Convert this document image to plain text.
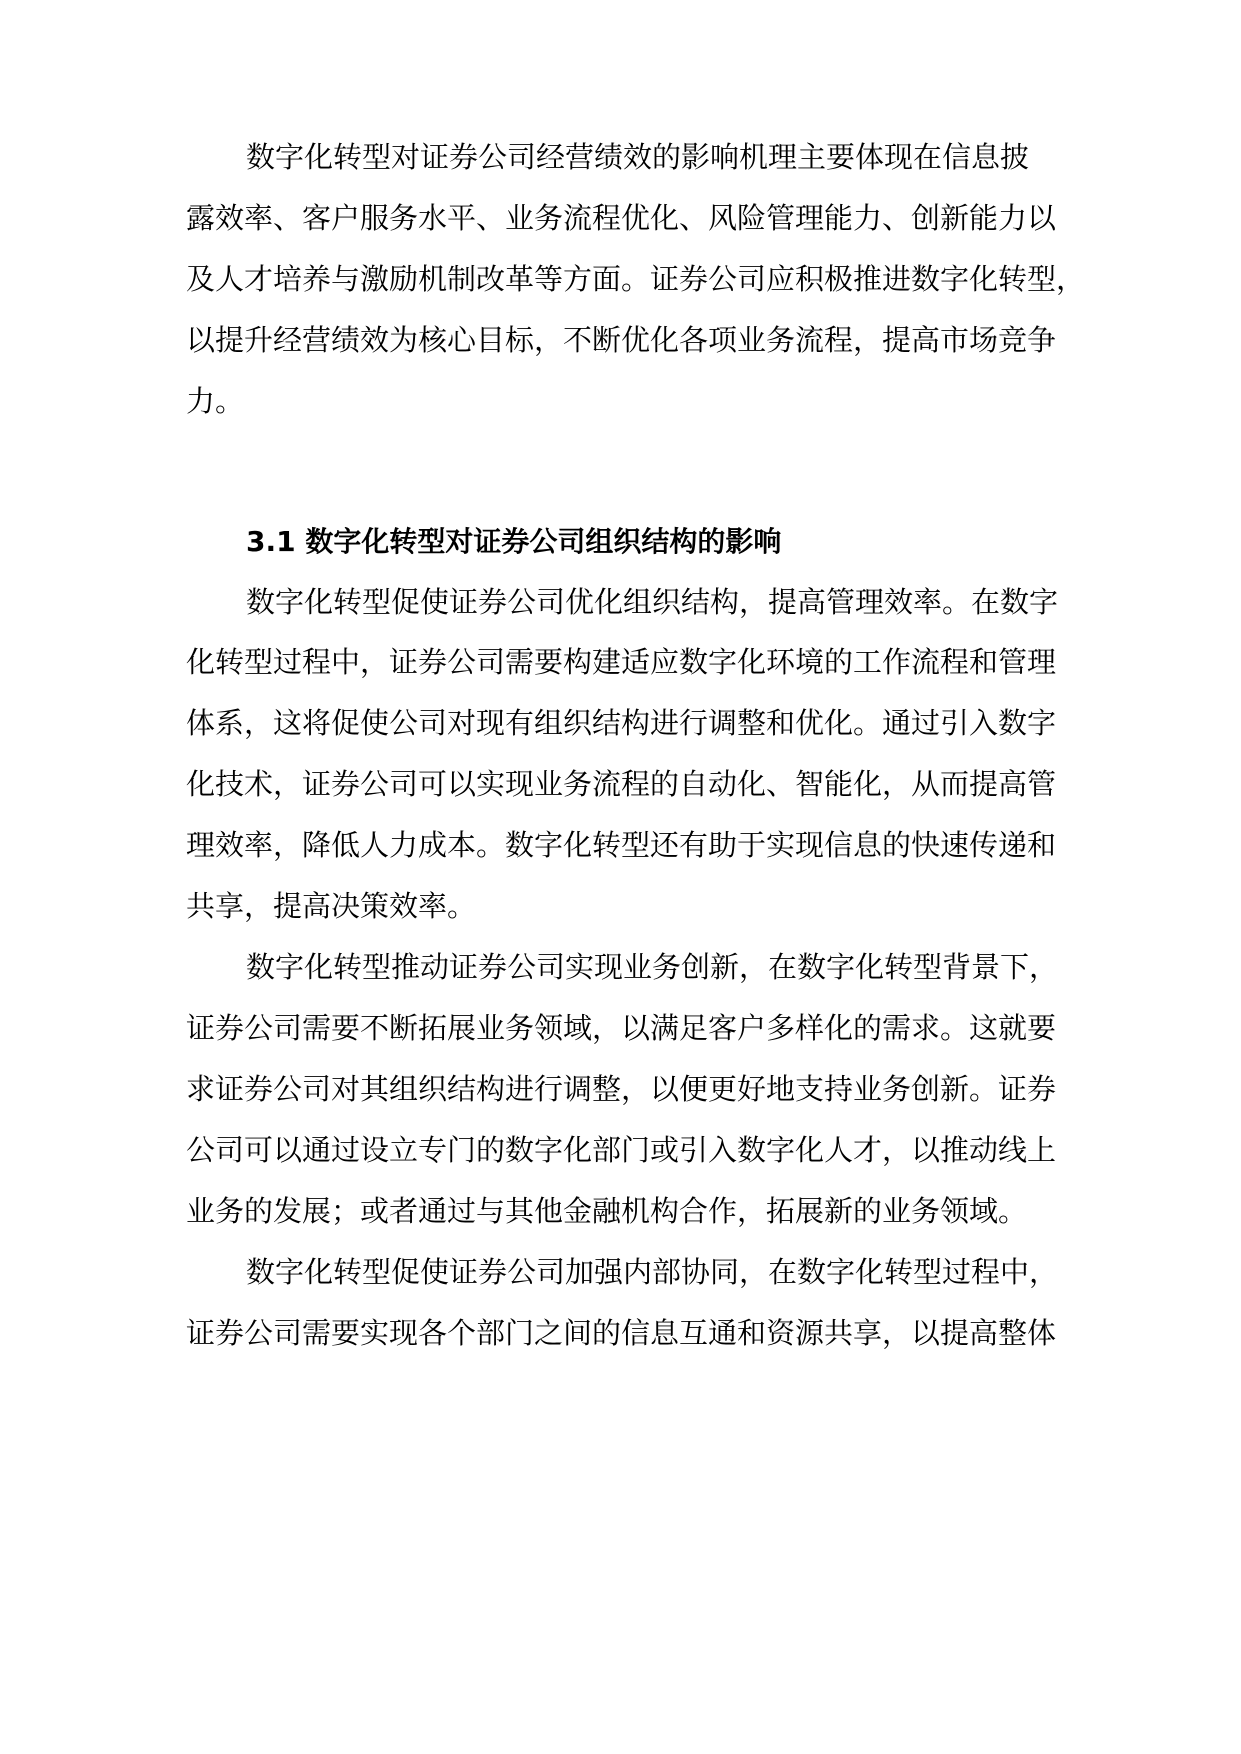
数字化转型对证券公司经营绩效的影响机理主要体现在信息披
露效率、客户服务水平、业务流程优化、风险管理能力、创新能力以
及人才培养与激励机制改革等方面。证券公司应积极推进数字化转型，
以提升经营绩效为核心目标，不断优化各项业务流程，提高市场竞争
力。
3.1 数字化转型对证券公司组织结构的影响
数字化转型促使证券公司优化组织结构，提高管理效率。在数字
化转型过程中，证券公司需要构建适应数字化环境的工作流程和管理
体系，这将促使公司对现有组织结构进行调整和优化。通过引入数字
化技术，证券公司可以实现业务流程的自动化、智能化，从而提高管
理效率，降低人力成本。数字化转型还有助于实现信息的快速传递和
共享，提高决策效率。
数字化转型推动证券公司实现业务创新，在数字化转型背景下，
证券公司需要不断拓展业务领域，以满足客户多样化的需求。这就要
求证券公司对其组织结构进行调整，以便更好地支持业务创新。证券
公司可以通过设立专门的数字化部门或引入数字化人才，以推动线上
业务的发展；或者通过与其他金融机构合作，拓展新的业务领域。
数字化转型促使证券公司加强内部协同，在数字化转型过程中，
证券公司需要实现各个部门之间的信息互通和资源共享，以提高整体
